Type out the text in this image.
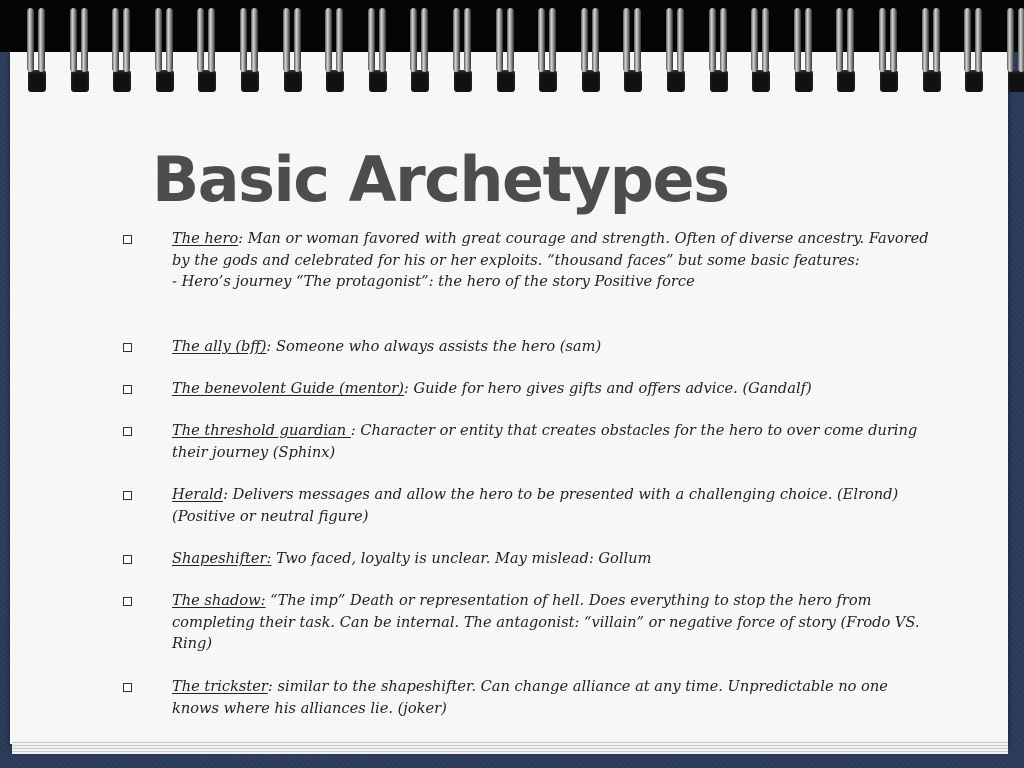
Basic Archetypes
The hero: Man or woman favored with great courage and strength. Often of diverse ancestry. Favored by the gods and celebrated for his or her exploits. “thousand faces” but some basic features:
- Hero’s journey “The protagonist”: the hero of the story Positive force
The ally (bff): Someone who always assists the hero (sam)
The benevolent Guide (mentor): Guide for hero gives gifts and offers advice. (Gandalf)
The threshold guardian : Character or entity that creates obstacles for the hero to over come during their journey (Sphinx)
Herald: Delivers messages and allow the hero to be presented with a challenging choice. (Elrond) (Positive or neutral figure)
Shapeshifter: Two faced, loyalty is unclear. May mislead: Gollum
The shadow: “The imp” Death or representation of hell. Does everything to stop the hero from completing their task. Can be internal. The antagonist: “villain” or negative force of story (Frodo VS. Ring)
The trickster: similar to the shapeshifter. Can change alliance at any time. Unpredictable no one knows where his alliances lie. (joker)
